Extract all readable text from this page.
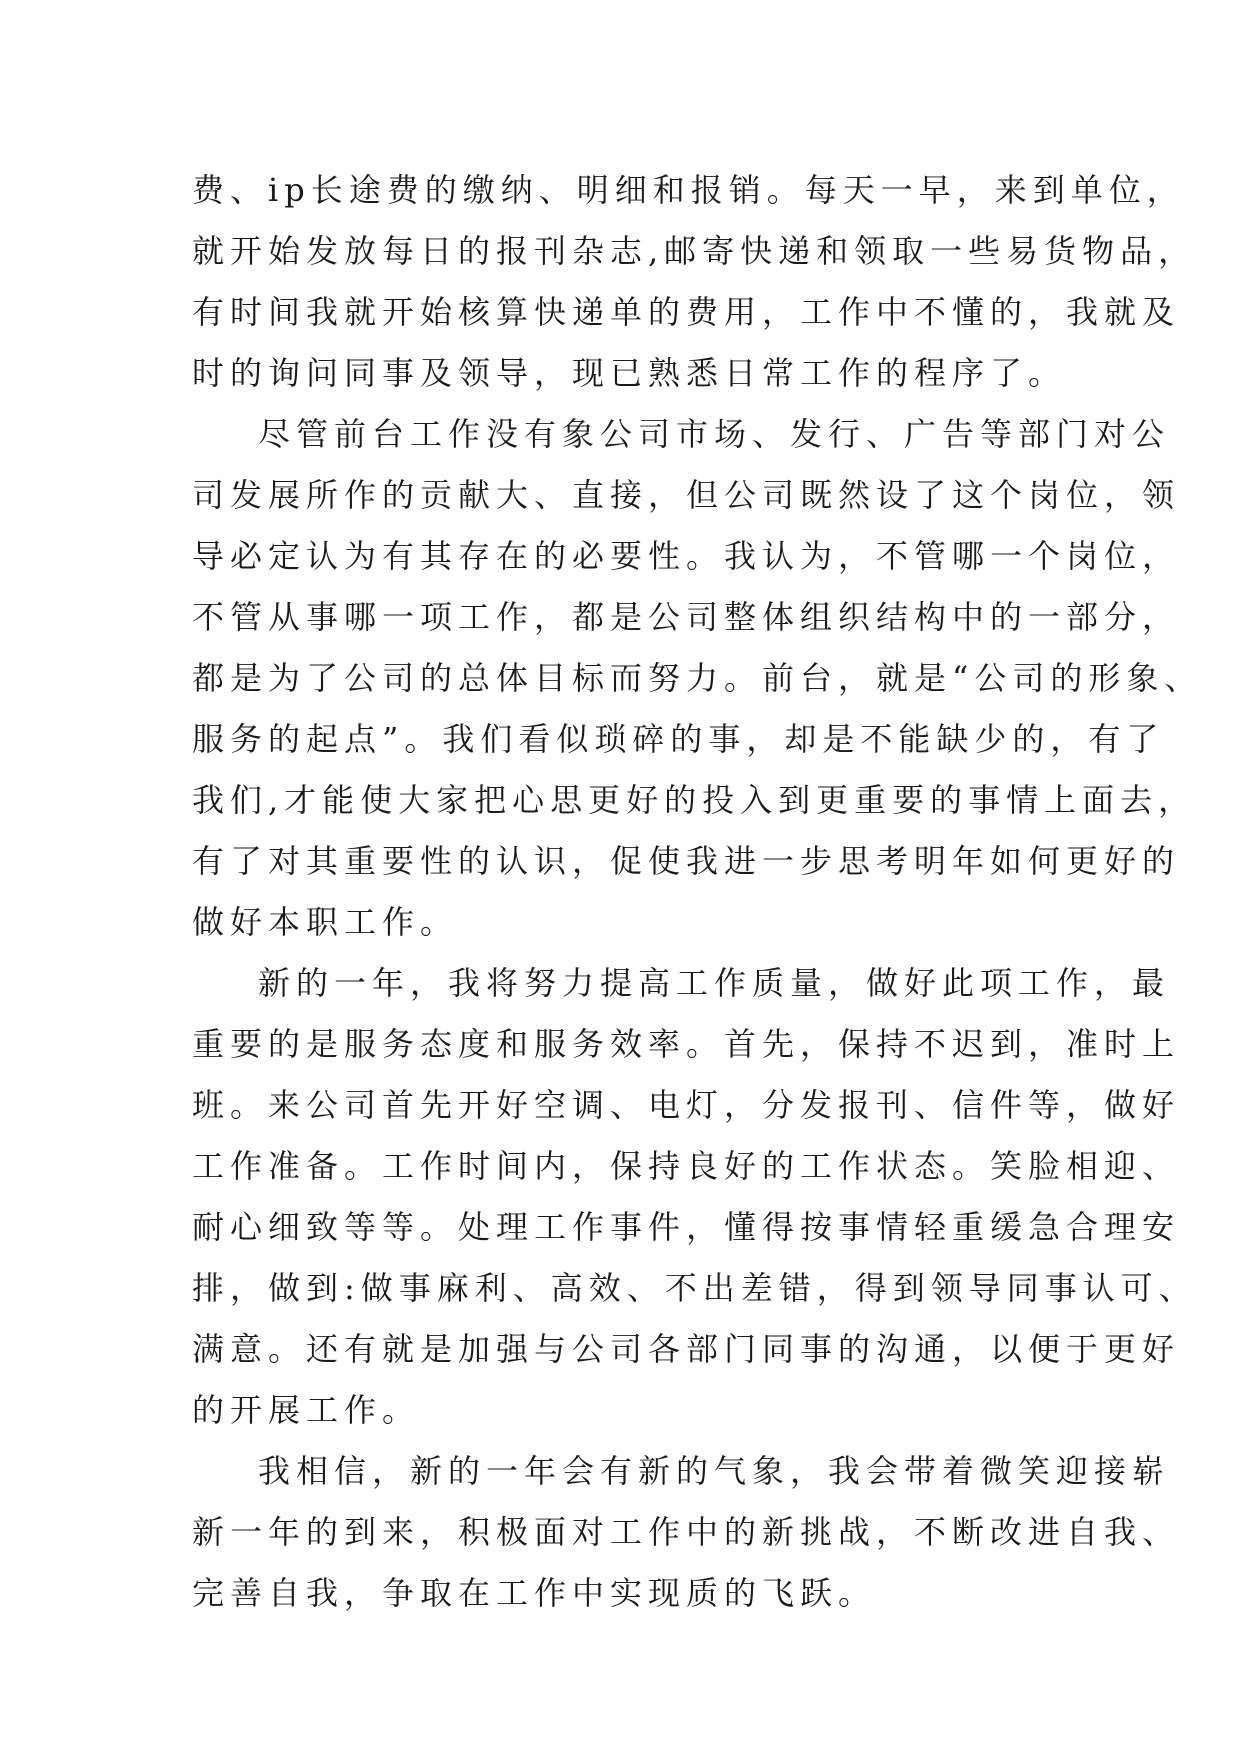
费、ip长途费的缴纳、明细和报销。每天一早，来到单位，
就开始发放每日的报刊杂志,邮寄快递和领取一些易货物品，
有时间我就开始核算快递单的费用，工作中不懂的，我就及
时的询问同事及领导，现已熟悉日常工作的程序了。
尽管前台工作没有象公司市场、发行、广告等部门对公
司发展所作的贡献大、直接，但公司既然设了这个岗位，领
导必定认为有其存在的必要性。我认为，不管哪一个岗位，
不管从事哪一项工作，都是公司整体组织结构中的一部分，
都是为了公司的总体目标而努力。前台，就是“公司的形象、
服务的起点”。我们看似琐碎的事，却是不能缺少的，有了
我们,才能使大家把心思更好的投入到更重要的事情上面去，
有了对其重要性的认识，促使我进一步思考明年如何更好的
做好本职工作。
新的一年，我将努力提高工作质量，做好此项工作，最
重要的是服务态度和服务效率。首先，保持不迟到，准时上
班。来公司首先开好空调、电灯，分发报刊、信件等，做好
工作准备。工作时间内，保持良好的工作状态。笑脸相迎、
耐心细致等等。处理工作事件，懂得按事情轻重缓急合理安
排，做到:做事麻利、高效、不出差错，得到领导同事认可、
满意。还有就是加强与公司各部门同事的沟通，以便于更好
的开展工作。
我相信，新的一年会有新的气象，我会带着微笑迎接崭
新一年的到来，积极面对工作中的新挑战，不断改进自我、
完善自我，争取在工作中实现质的飞跃。
